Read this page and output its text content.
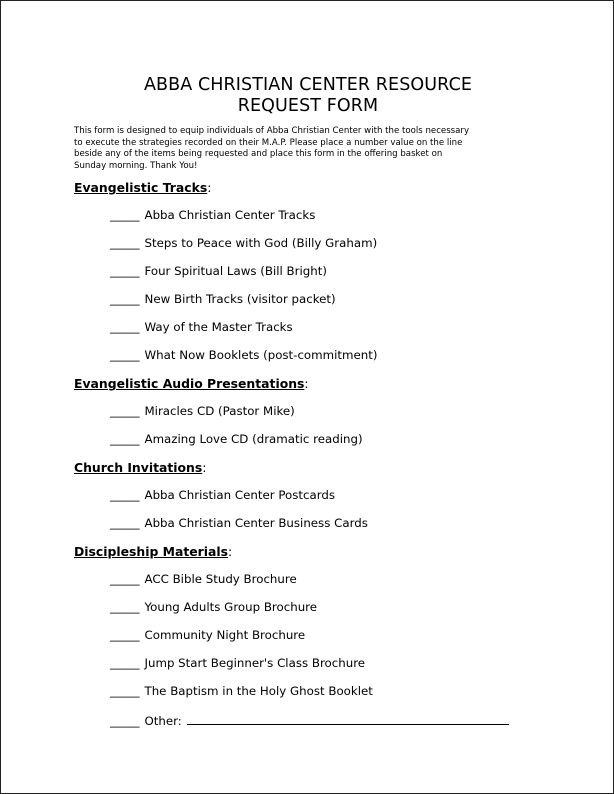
ABBA CHRISTIAN CENTER RESOURCE
REQUEST FORM
This form is designed to equip individuals of Abba Christian Center with the tools necessary
to execute the strategies recorded on their M.A.P. Please place a number value on the line
beside any of the items being requested and place this form in the offering basket on
Sunday morning. Thank You!
Evangelistic Tracks:
_____ Abba Christian Center Tracks
_____ Steps to Peace with God (Billy Graham)
_____ Four Spiritual Laws (Bill Bright)
_____ New Birth Tracks (visitor packet)
_____ Way of the Master Tracks
_____ What Now Booklets (post-commitment)
Evangelistic Audio Presentations:
_____ Miracles CD (Pastor Mike)
_____ Amazing Love CD (dramatic reading)
Church Invitations:
_____ Abba Christian Center Postcards
_____ Abba Christian Center Business Cards
Discipleship Materials:
_____ ACC Bible Study Brochure
_____ Young Adults Group Brochure
_____ Community Night Brochure
_____ Jump Start Beginner's Class Brochure
_____ The Baptism in the Holy Ghost Booklet
_____ Other:
